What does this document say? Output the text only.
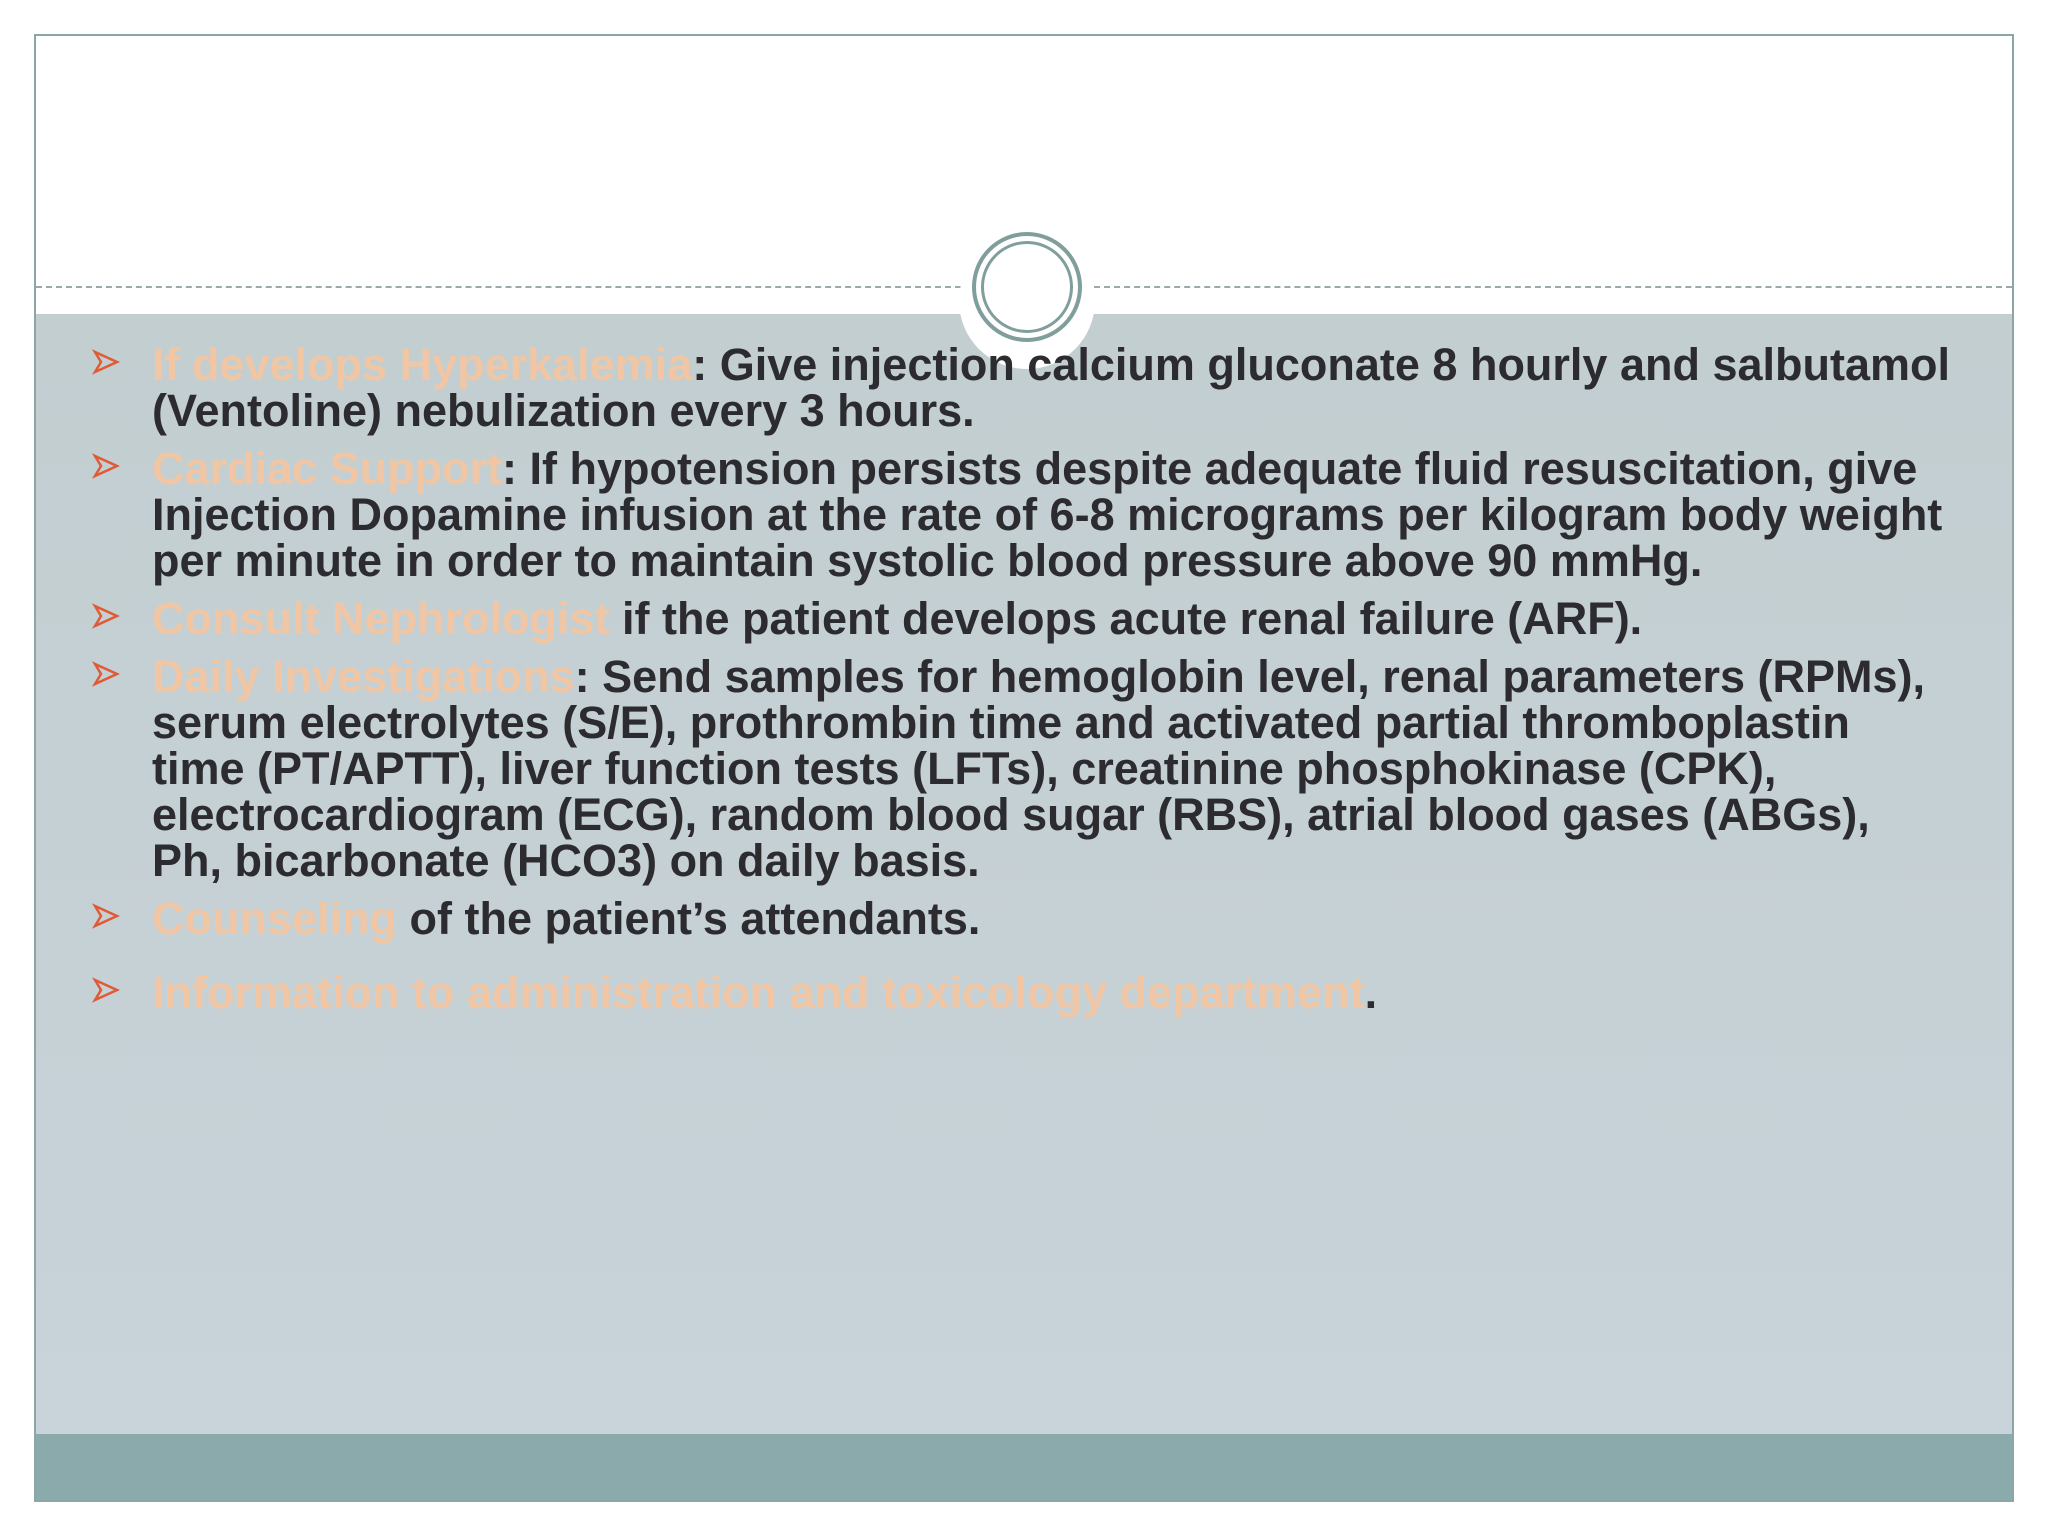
If develops Hyperkalemia: Give injection calcium gluconate 8 hourly and salbutamol (Ventoline) nebulization every 3 hours.
Cardiac Support: If hypotension persists despite adequate fluid resuscitation, give Injection Dopamine infusion at the rate of 6-8 micrograms per kilogram body weight per minute in order to maintain systolic blood pressure above 90 mmHg.
Consult Nephrologist if the patient develops acute renal failure (ARF).
Daily Investigations: Send samples for hemoglobin level, renal parameters (RPMs), serum electrolytes (S/E), prothrombin time and activated partial thromboplastin time (PT/APTT), liver function tests (LFTs), creatinine phosphokinase (CPK), electrocardiogram (ECG), random blood sugar (RBS), atrial blood gases (ABGs), Ph, bicarbonate (HCO3) on daily basis.
Counseling of the patient’s attendants.
Information to administration and toxicology department.
